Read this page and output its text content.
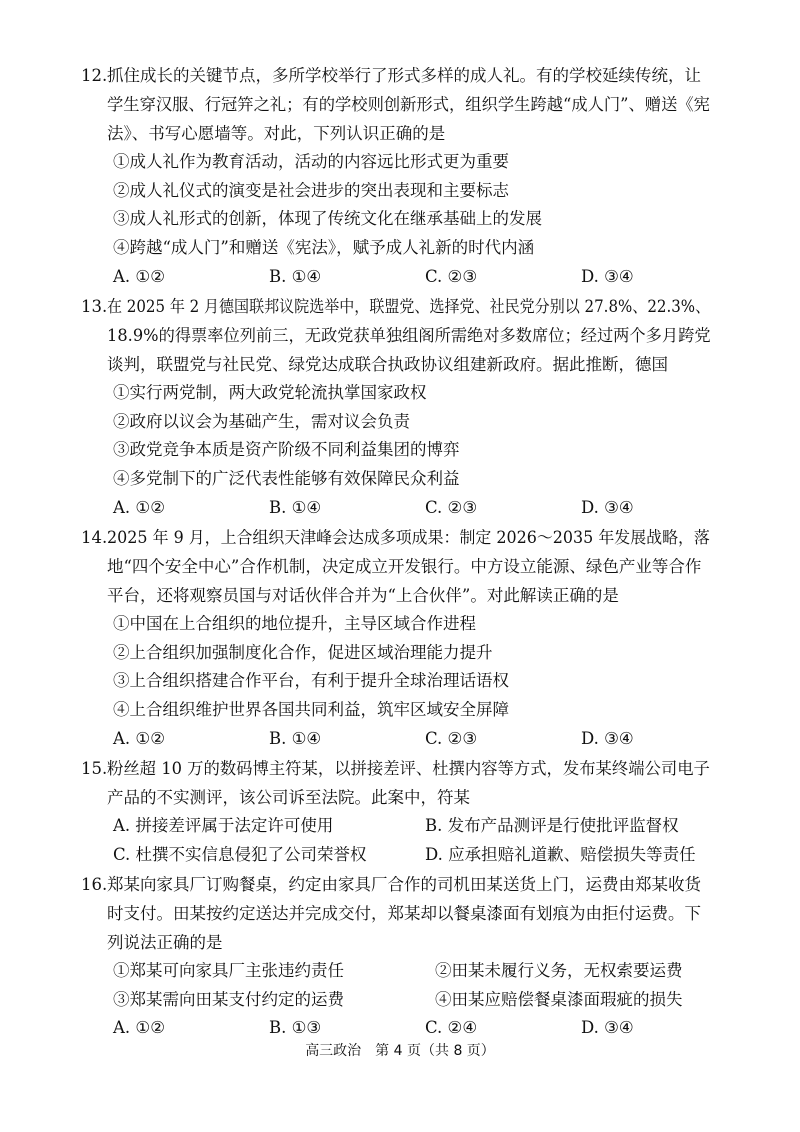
12. 抓住成长的关键节点，多所学校举行了形式多样的成人礼。有的学校延续传统，让
学生穿汉服、行冠笄之礼；有的学校则创新形式，组织学生跨越“成人门”、赠送《宪
法》、书写心愿墙等。对此，下列认识正确的是
①成人礼作为教育活动，活动的内容远比形式更为重要
②成人礼仪式的演变是社会进步的突出表现和主要标志
③成人礼形式的创新，体现了传统文化在继承基础上的发展
④跨越“成人门”和赠送《宪法》，赋予成人礼新的时代内涵
A. ①②	B. ①④	C. ②③	D. ③④
13. 在 2025 年 2 月德国联邦议院选举中，联盟党、选择党、社民党分别以 27.8%、22.3%、
18.9%的得票率位列前三，无政党获单独组阁所需绝对多数席位；经过两个多月跨党
谈判，联盟党与社民党、绿党达成联合执政协议组建新政府。据此推断，德国
①实行两党制，两大政党轮流执掌国家政权
②政府以议会为基础产生，需对议会负责
③政党竞争本质是资产阶级不同利益集团的博弈
④多党制下的广泛代表性能够有效保障民众利益
A. ①②	B. ①④	C. ②③	D. ③④
14. 2025 年 9 月，上合组织天津峰会达成多项成果：制定 2026～2035 年发展战略，落
地“四个安全中心”合作机制，决定成立开发银行。中方设立能源、绿色产业等合作
平台，还将观察员国与对话伙伴合并为“上合伙伴”。对此解读正确的是
①中国在上合组织的地位提升，主导区域合作进程
②上合组织加强制度化合作，促进区域治理能力提升
③上合组织搭建合作平台，有利于提升全球治理话语权
④上合组织维护世界各国共同利益，筑牢区域安全屏障
A. ①②	B. ①④	C. ②③	D. ③④
15. 粉丝超 10 万的数码博主符某，以拼接差评、杜撰内容等方式，发布某终端公司电子
产品的不实测评，该公司诉至法院。此案中，符某
A. 拼接差评属于法定许可使用	B. 发布产品测评是行使批评监督权
C. 杜撰不实信息侵犯了公司荣誉权	D. 应承担赔礼道歉、赔偿损失等责任
16. 郑某向家具厂订购餐桌，约定由家具厂合作的司机田某送货上门，运费由郑某收货
时支付。田某按约定送达并完成交付，郑某却以餐桌漆面有划痕为由拒付运费。下
列说法正确的是
①郑某可向家具厂主张违约责任	②田某未履行义务，无权索要运费
③郑某需向田某支付约定的运费	④田某应赔偿餐桌漆面瑕疵的损失
A. ①②	B. ①③	C. ②④	D. ③④
高三政治　第 4 页（共 8 页）
